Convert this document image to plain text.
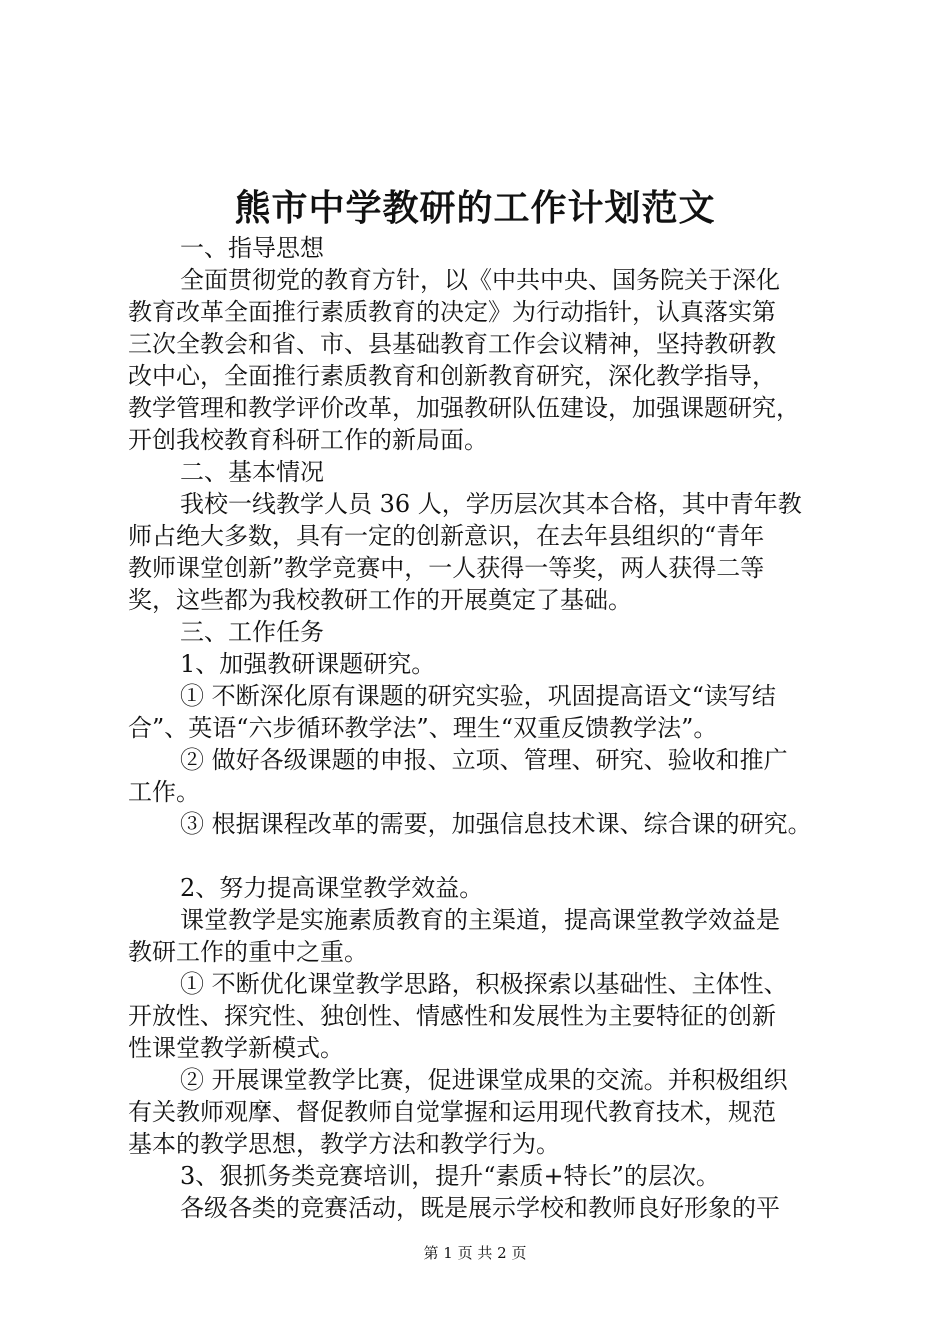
熊市中学教研的工作计划范文
一、指导思想
全面贯彻党的教育方针，以《中共中央、国务院关于深化
教育改革全面推行素质教育的决定》为行动指针，认真落实第
三次全教会和省、市、县基础教育工作会议精神，坚持教研教
改中心，全面推行素质教育和创新教育研究，深化教学指导，
教学管理和教学评价改革，加强教研队伍建设，加强课题研究，
开创我校教育科研工作的新局面。
二、基本情况
我校一线教学人员 36 人，学历层次其本合格，其中青年教
师占绝大多数，具有一定的创新意识，在去年县组织的“青年
教师课堂创新”教学竞赛中，一人获得一等奖，两人获得二等
奖，这些都为我校教研工作的开展奠定了基础。
三、工作任务
1、加强教研课题研究。
① 不断深化原有课题的研究实验，巩固提高语文“读写结
合”、英语“六步循环教学法”、理生“双重反馈教学法”。
② 做好各级课题的申报、立项、管理、研究、验收和推广
工作。
③ 根据课程改革的需要，加强信息技术课、综合课的研究。
2、努力提高课堂教学效益。
课堂教学是实施素质教育的主渠道，提高课堂教学效益是
教研工作的重中之重。
① 不断优化课堂教学思路，积极探索以基础性、主体性、
开放性、探究性、独创性、情感性和发展性为主要特征的创新
性课堂教学新模式。
② 开展课堂教学比赛，促进课堂成果的交流。并积极组织
有关教师观摩、督促教师自觉掌握和运用现代教育技术，规范
基本的教学思想，教学方法和教学行为。
3、狠抓务类竞赛培训，提升“素质+特长”的层次。
各级各类的竞赛活动，既是展示学校和教师良好形象的平
第 1 页 共 2 页
